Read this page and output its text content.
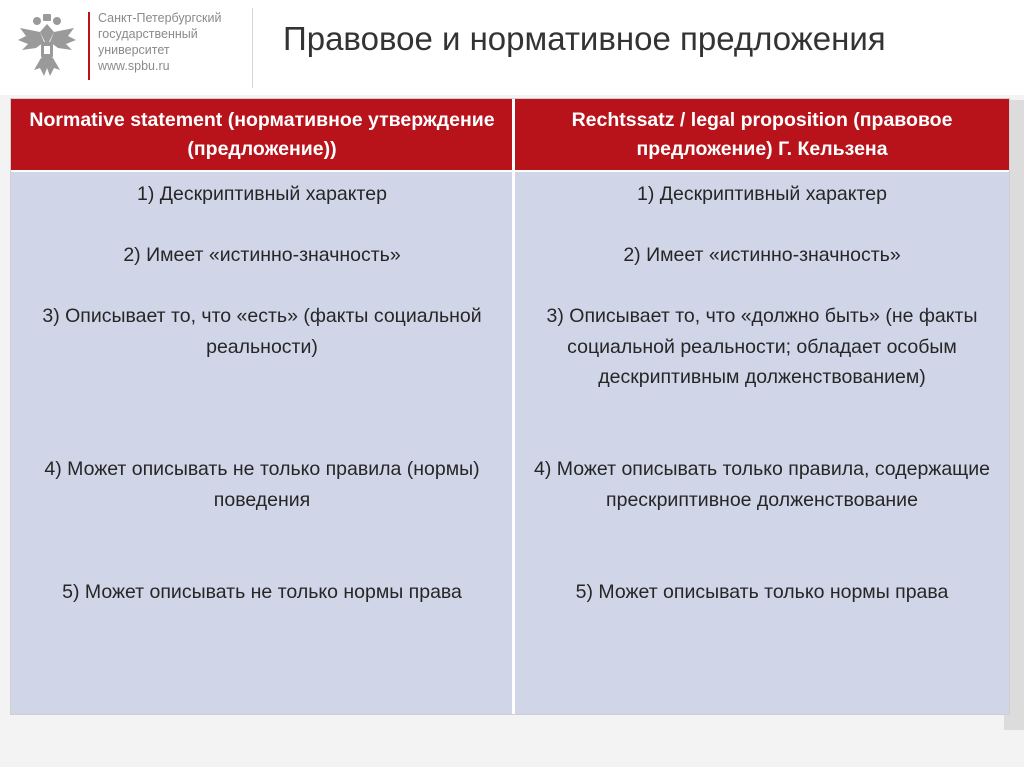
Санкт-Петербургский
государственный
университет
www.spbu.ru
Правовое и нормативное предложения
Normative statement (нормативное утверждение (предложение))
Rechtssatz / legal proposition (правовое предложение) Г. Кельзена
1) Дескриптивный характер
2) Имеет «истинно-значность»
3) Описывает то, что «есть» (факты социальной реальности)
4) Может описывать не только правила (нормы) поведения
5) Может описывать не только нормы права
1) Дескриптивный характер
2) Имеет «истинно-значность»
3) Описывает то, что «должно быть» (не факты социальной реальности; обладает особым дескриптивным долженствованием)
4) Может описывать только правила, содержащие прескриптивное долженствование
5) Может описывать только нормы права
